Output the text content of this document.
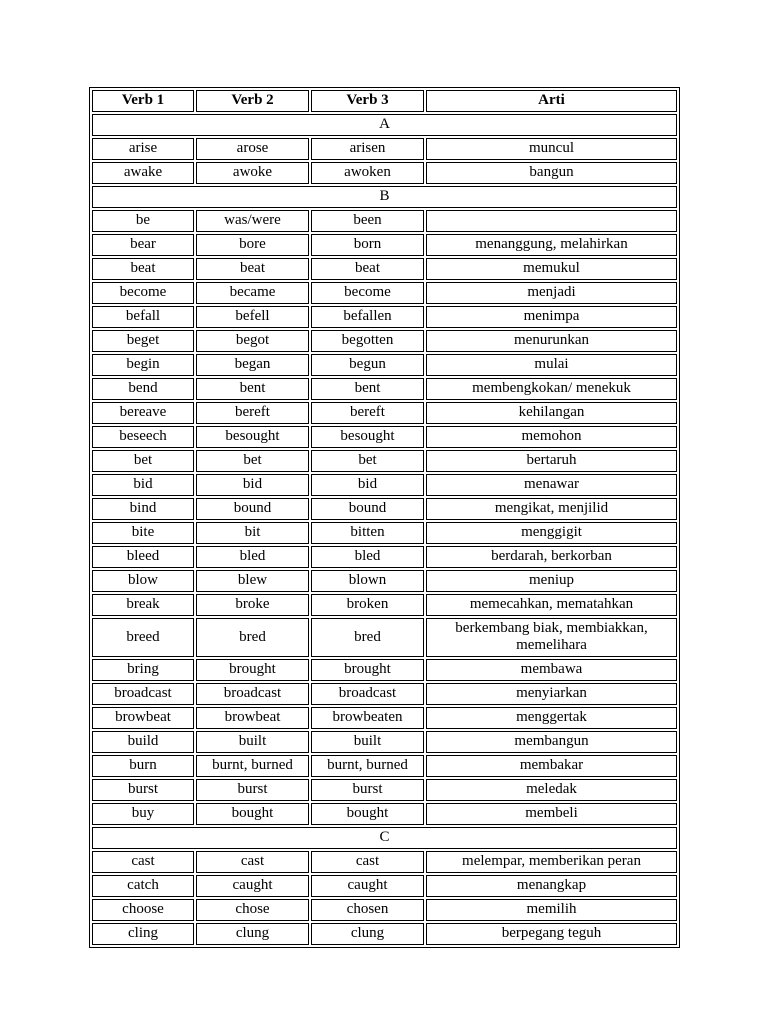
Verb 1	Verb 2	Verb 3	Arti
A			
arise	arose	arisen	muncul
awake	awoke	awoken	bangun
B			
be	was/were	been	
bear	bore	born	menanggung, melahirkan
beat	beat	beat	memukul
become	became	become	menjadi
befall	befell	befallen	menimpa
beget	begot	begotten	menurunkan
begin	began	begun	mulai
bend	bent	bent	membengkokan/ menekuk
bereave	bereft	bereft	kehilangan
beseech	besought	besought	memohon
bet	bet	bet	bertaruh
bid	bid	bid	menawar
bind	bound	bound	mengikat, menjilid
bite	bit	bitten	menggigit
bleed	bled	bled	berdarah, berkorban
blow	blew	blown	meniup
break	broke	broken	memecahkan, mematahkan
breed	bred	bred	berkembang biak, membiakkan, memelihara
bring	brought	brought	membawa
broadcast	broadcast	broadcast	menyiarkan
browbeat	browbeat	browbeaten	menggertak
build	built	built	membangun
burn	burnt, burned	burnt, burned	membakar
burst	burst	burst	meledak
buy	bought	bought	membeli
C			
cast	cast	cast	melempar, memberikan peran
catch	caught	caught	menangkap
choose	chose	chosen	memilih
cling	clung	clung	berpegang teguh
